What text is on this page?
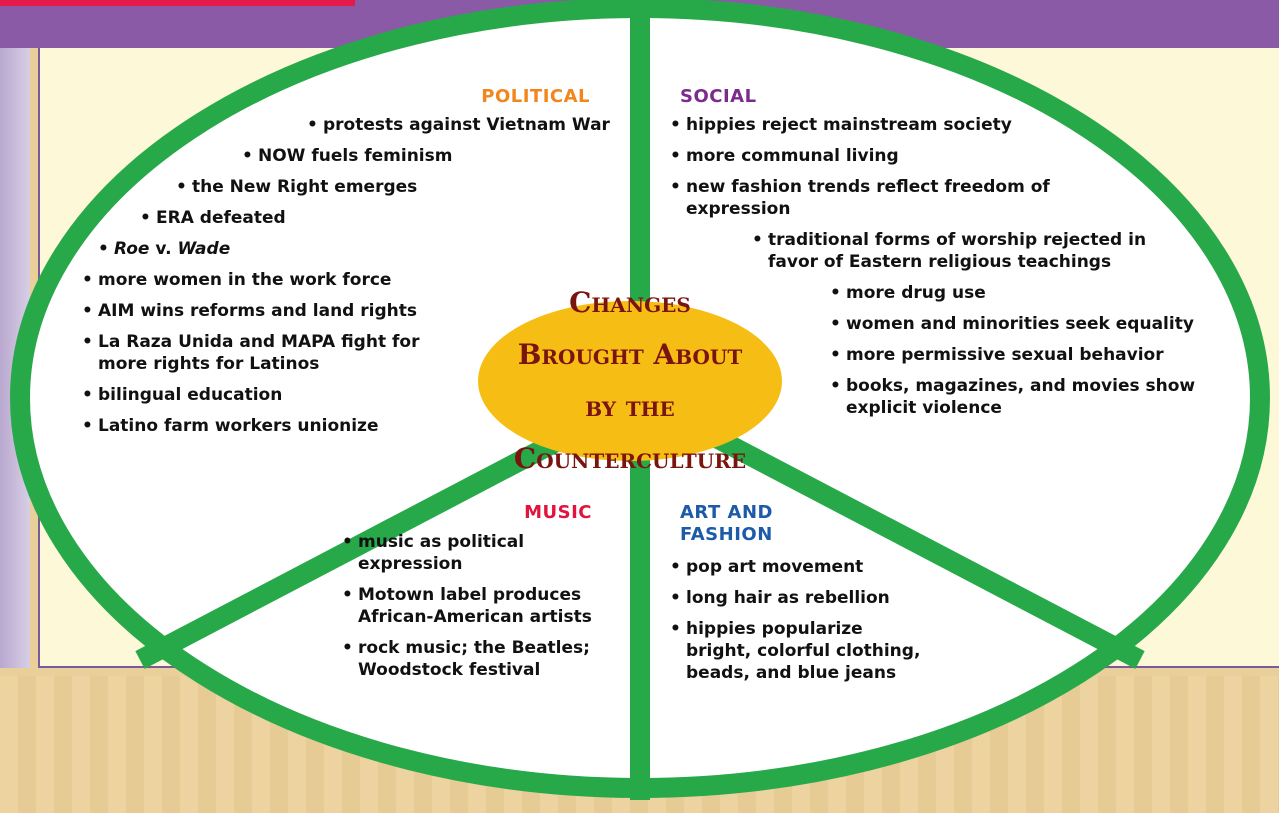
Changes Brought About by the Counterculture
POLITICAL
• protests against Vietnam War
• NOW fuels feminism
• the New Right emerges
• ERA defeated
• Roe v. Wade
• more women in the work force
• AIM wins reforms and land rights
• La Raza Unida and MAPA fight for more rights for Latinos
• bilingual education
• Latino farm workers unionize
SOCIAL
• hippies reject mainstream society
• more communal living
• new fashion trends reflect freedom of expression
• traditional forms of worship rejected in favor of Eastern religious teachings
• more drug use
• women and minorities seek equality
• more permissive sexual behavior
• books, magazines, and movies show explicit violence
MUSIC
• music as political expression
• Motown label produces African-American artists
• rock music; the Beatles; Woodstock festival
ART AND FASHION
• pop art movement
• long hair as rebellion
• hippies popularize bright, colorful clothing, beads, and blue jeans
